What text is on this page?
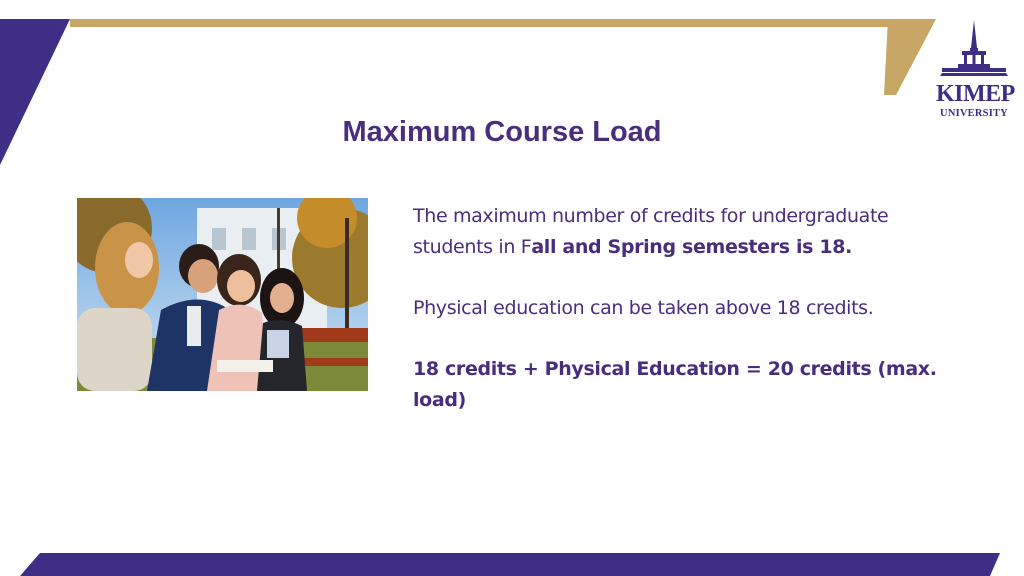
KIMEP
UNIVERSITY
Maximum Course Load

The maximum number of credits for undergraduate students in Fall and Spring semesters is 18.

Physical education can be taken above 18 credits.

18 credits + Physical Education = 20 credits (max. load)
